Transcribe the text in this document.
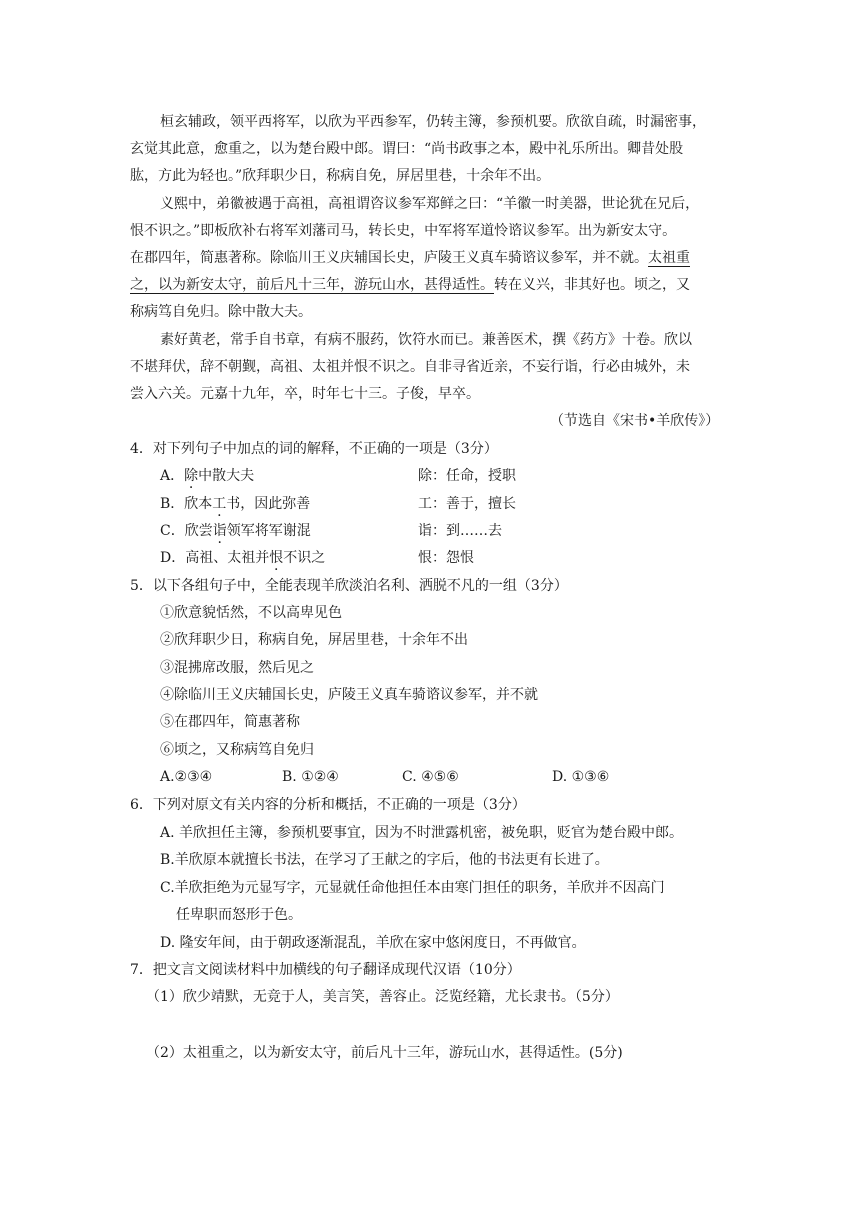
桓玄辅政，领平西将军，以欣为平西参军，仍转主簿，参预机要。欣欲自疏，时漏密事，
玄觉其此意，愈重之，以为楚台殿中郎。谓曰：“尚书政事之本，殿中礼乐所出。卿昔处股
肱，方此为轻也。”欣拜职少日，称病自免，屏居里巷，十余年不出。
义熙中，弟徽被遇于高祖，高祖谓咨议参军郑鲜之曰：“羊徽一时美器，世论犹在兄后，
恨不识之。”即板欣补右将军刘藩司马，转长史，中军将军道怜谘议参军。出为新安太守。
在郡四年，简惠著称。除临川王义庆辅国长史，庐陵王义真车骑谘议参军，并不就。太祖重
之，以为新安太守，前后凡十三年，游玩山水，甚得适性。转在义兴，非其好也。顷之，又
称病笃自免归。除中散大夫。
素好黄老，常手自书章，有病不服药，饮符水而已。兼善医术，撰《药方》十卷。欣以
不堪拜伏，辞不朝觐，高祖、太祖并恨不识之。自非寻省近亲，不妄行诣，行必由城外，未
尝入六关。元嘉十九年，卒，时年七十三。子俊，早卒。
（节选自《宋书•羊欣传》）
4．对下列句子中加点的词的解释，不正确的一项是（3分）
A．除中散大夫	除：任命，授职
B．欣本工书，因此弥善	工：善于，擅长
C．欣尝诣领军将军谢混	诣：到……去
D．高祖、太祖并恨不识之	恨：怨恨
5．以下各组句子中，全能表现羊欣淡泊名利、洒脱不凡的一组（3分）
①欣意貌恬然，不以高卑见色
②欣拜职少日，称病自免，屏居里巷，十余年不出
③混拂席改服，然后见之
④除临川王义庆辅国长史，庐陵王义真车骑谘议参军，并不就
⑤在郡四年，简惠著称
⑥顷之，又称病笃自免归
A.②③④	B. ①②④	C. ④⑤⑥	D. ①③⑥
6．下列对原文有关内容的分析和概括，不正确的一项是（3分）
A. 羊欣担任主簿，参预机要事宜，因为不时泄露机密，被免职，贬官为楚台殿中郎。
B.羊欣原本就擅长书法，在学习了王献之的字后，他的书法更有长进了。
C.羊欣拒绝为元显写字，元显就任命他担任本由寒门担任的职务，羊欣并不因高门
任卑职而怒形于色。
D. 隆安年间，由于朝政逐渐混乱，羊欣在家中悠闲度日，不再做官。
7．把文言文阅读材料中加横线的句子翻译成现代汉语（10分）
（1）欣少靖默，无竞于人，美言笑，善容止。泛览经籍，尤长隶书。（5分）
（2）太祖重之，以为新安太守，前后凡十三年，游玩山水，甚得适性。(5分)
